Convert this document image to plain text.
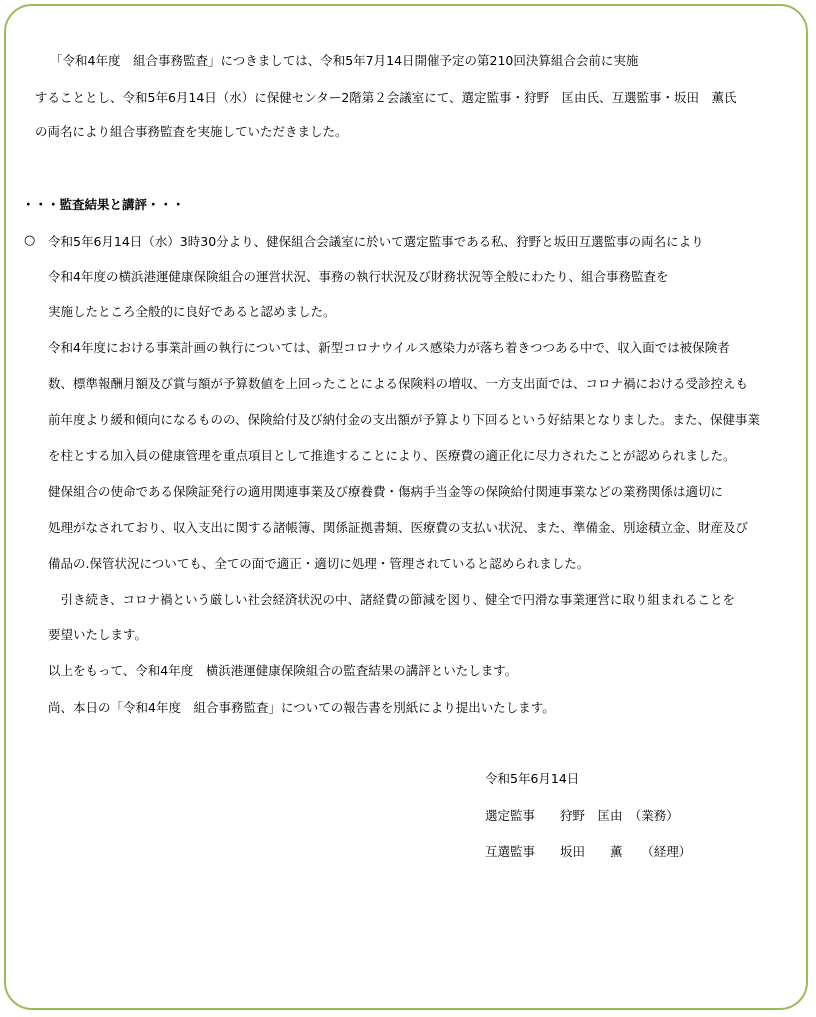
「令和4年度　組合事務監査」につきましては、令和5年7月14日開催予定の第210回決算組合会前に実施
することとし、令和5年6月14日（水）に保健センター2階第２会議室にて、選定監事・狩野　匡由氏、互選監事・坂田　薫氏
の両名により組合事務監査を実施していただきました。
・・・監査結果と講評・・・
○ 令和5年6月14日（水）3時30分より、健保組合会議室に於いて選定監事である私、狩野と坂田互選監事の両名により
令和4年度の横浜港運健康保険組合の運営状況、事務の執行状況及び財務状況等全般にわたり、組合事務監査を
実施したところ全般的に良好であると認めました。
令和4年度における事業計画の執行については、新型コロナウイルス感染力が落ち着きつつある中で、収入面では被保険者
数、標準報酬月額及び賞与額が予算数値を上回ったことによる保険料の増収、一方支出面では、コロナ禍における受診控えも
前年度より緩和傾向になるものの、保険給付及び納付金の支出額が予算より下回るという好結果となりました。また、保健事業
を柱とする加入員の健康管理を重点項目として推進することにより、医療費の適正化に尽力されたことが認められました。
健保組合の使命である保険証発行の適用関連事業及び療養費・傷病手当金等の保険給付関連事業などの業務関係は適切に
処理がなされており、収入支出に関する諸帳簿、関係証拠書類、医療費の支払い状況、また、準備金、別途積立金、財産及び
備品の.保管状況についても、全ての面で適正・適切に処理・管理されていると認められました。
　引き続き、コロナ禍という厳しい社会経済状況の中、諸経費の節減を図り、健全で円滑な事業運営に取り組まれることを
要望いたします。
以上をもって、令和4年度　横浜港運健康保険組合の監査結果の講評といたします。
尚、本日の「令和4年度　組合事務監査」についての報告書を別紙により提出いたします。
令和5年6月14日
選定監事　　狩野　匡由　（業務）
互選監事　　坂田　　薫　　（経理）
